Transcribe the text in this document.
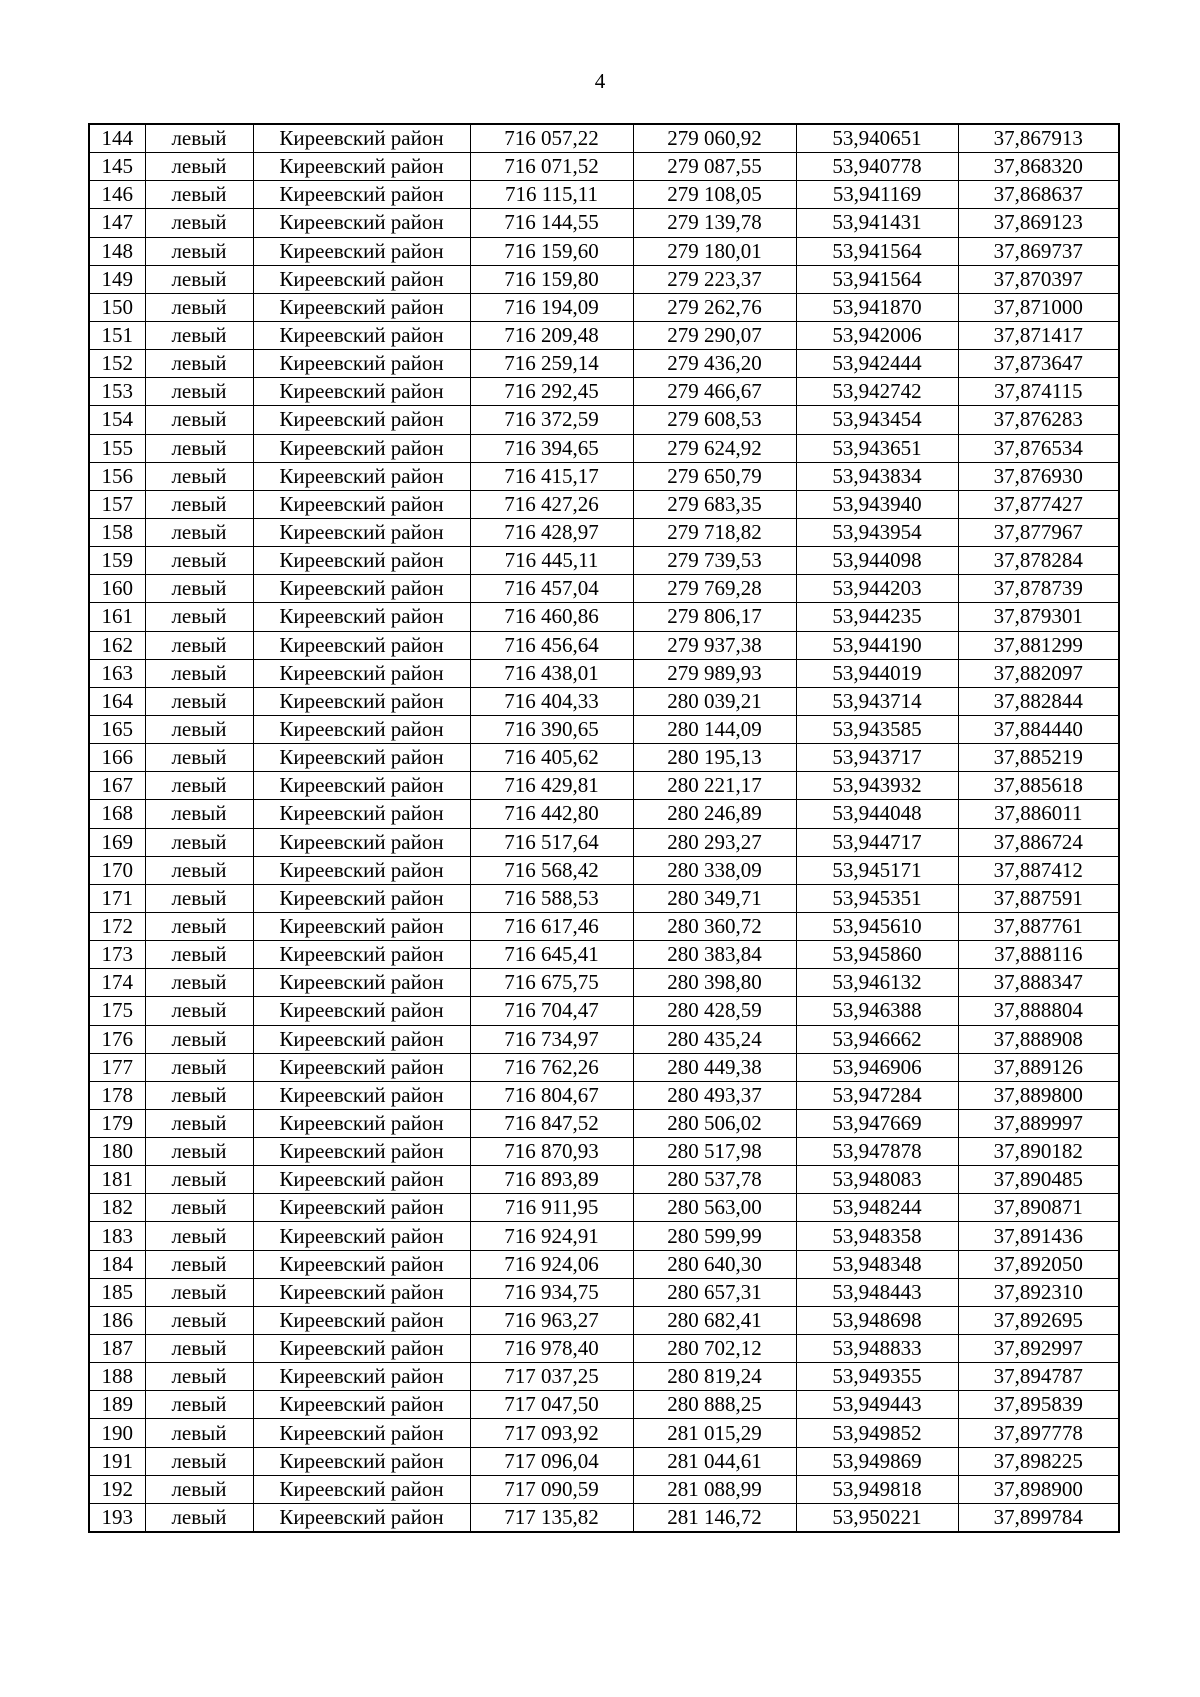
4
144	левый	Киреевский район	716 057,22	279 060,92	53,940651	37,867913
145	левый	Киреевский район	716 071,52	279 087,55	53,940778	37,868320
146	левый	Киреевский район	716 115,11	279 108,05	53,941169	37,868637
147	левый	Киреевский район	716 144,55	279 139,78	53,941431	37,869123
148	левый	Киреевский район	716 159,60	279 180,01	53,941564	37,869737
149	левый	Киреевский район	716 159,80	279 223,37	53,941564	37,870397
150	левый	Киреевский район	716 194,09	279 262,76	53,941870	37,871000
151	левый	Киреевский район	716 209,48	279 290,07	53,942006	37,871417
152	левый	Киреевский район	716 259,14	279 436,20	53,942444	37,873647
153	левый	Киреевский район	716 292,45	279 466,67	53,942742	37,874115
154	левый	Киреевский район	716 372,59	279 608,53	53,943454	37,876283
155	левый	Киреевский район	716 394,65	279 624,92	53,943651	37,876534
156	левый	Киреевский район	716 415,17	279 650,79	53,943834	37,876930
157	левый	Киреевский район	716 427,26	279 683,35	53,943940	37,877427
158	левый	Киреевский район	716 428,97	279 718,82	53,943954	37,877967
159	левый	Киреевский район	716 445,11	279 739,53	53,944098	37,878284
160	левый	Киреевский район	716 457,04	279 769,28	53,944203	37,878739
161	левый	Киреевский район	716 460,86	279 806,17	53,944235	37,879301
162	левый	Киреевский район	716 456,64	279 937,38	53,944190	37,881299
163	левый	Киреевский район	716 438,01	279 989,93	53,944019	37,882097
164	левый	Киреевский район	716 404,33	280 039,21	53,943714	37,882844
165	левый	Киреевский район	716 390,65	280 144,09	53,943585	37,884440
166	левый	Киреевский район	716 405,62	280 195,13	53,943717	37,885219
167	левый	Киреевский район	716 429,81	280 221,17	53,943932	37,885618
168	левый	Киреевский район	716 442,80	280 246,89	53,944048	37,886011
169	левый	Киреевский район	716 517,64	280 293,27	53,944717	37,886724
170	левый	Киреевский район	716 568,42	280 338,09	53,945171	37,887412
171	левый	Киреевский район	716 588,53	280 349,71	53,945351	37,887591
172	левый	Киреевский район	716 617,46	280 360,72	53,945610	37,887761
173	левый	Киреевский район	716 645,41	280 383,84	53,945860	37,888116
174	левый	Киреевский район	716 675,75	280 398,80	53,946132	37,888347
175	левый	Киреевский район	716 704,47	280 428,59	53,946388	37,888804
176	левый	Киреевский район	716 734,97	280 435,24	53,946662	37,888908
177	левый	Киреевский район	716 762,26	280 449,38	53,946906	37,889126
178	левый	Киреевский район	716 804,67	280 493,37	53,947284	37,889800
179	левый	Киреевский район	716 847,52	280 506,02	53,947669	37,889997
180	левый	Киреевский район	716 870,93	280 517,98	53,947878	37,890182
181	левый	Киреевский район	716 893,89	280 537,78	53,948083	37,890485
182	левый	Киреевский район	716 911,95	280 563,00	53,948244	37,890871
183	левый	Киреевский район	716 924,91	280 599,99	53,948358	37,891436
184	левый	Киреевский район	716 924,06	280 640,30	53,948348	37,892050
185	левый	Киреевский район	716 934,75	280 657,31	53,948443	37,892310
186	левый	Киреевский район	716 963,27	280 682,41	53,948698	37,892695
187	левый	Киреевский район	716 978,40	280 702,12	53,948833	37,892997
188	левый	Киреевский район	717 037,25	280 819,24	53,949355	37,894787
189	левый	Киреевский район	717 047,50	280 888,25	53,949443	37,895839
190	левый	Киреевский район	717 093,92	281 015,29	53,949852	37,897778
191	левый	Киреевский район	717 096,04	281 044,61	53,949869	37,898225
192	левый	Киреевский район	717 090,59	281 088,99	53,949818	37,898900
193	левый	Киреевский район	717 135,82	281 146,72	53,950221	37,899784
